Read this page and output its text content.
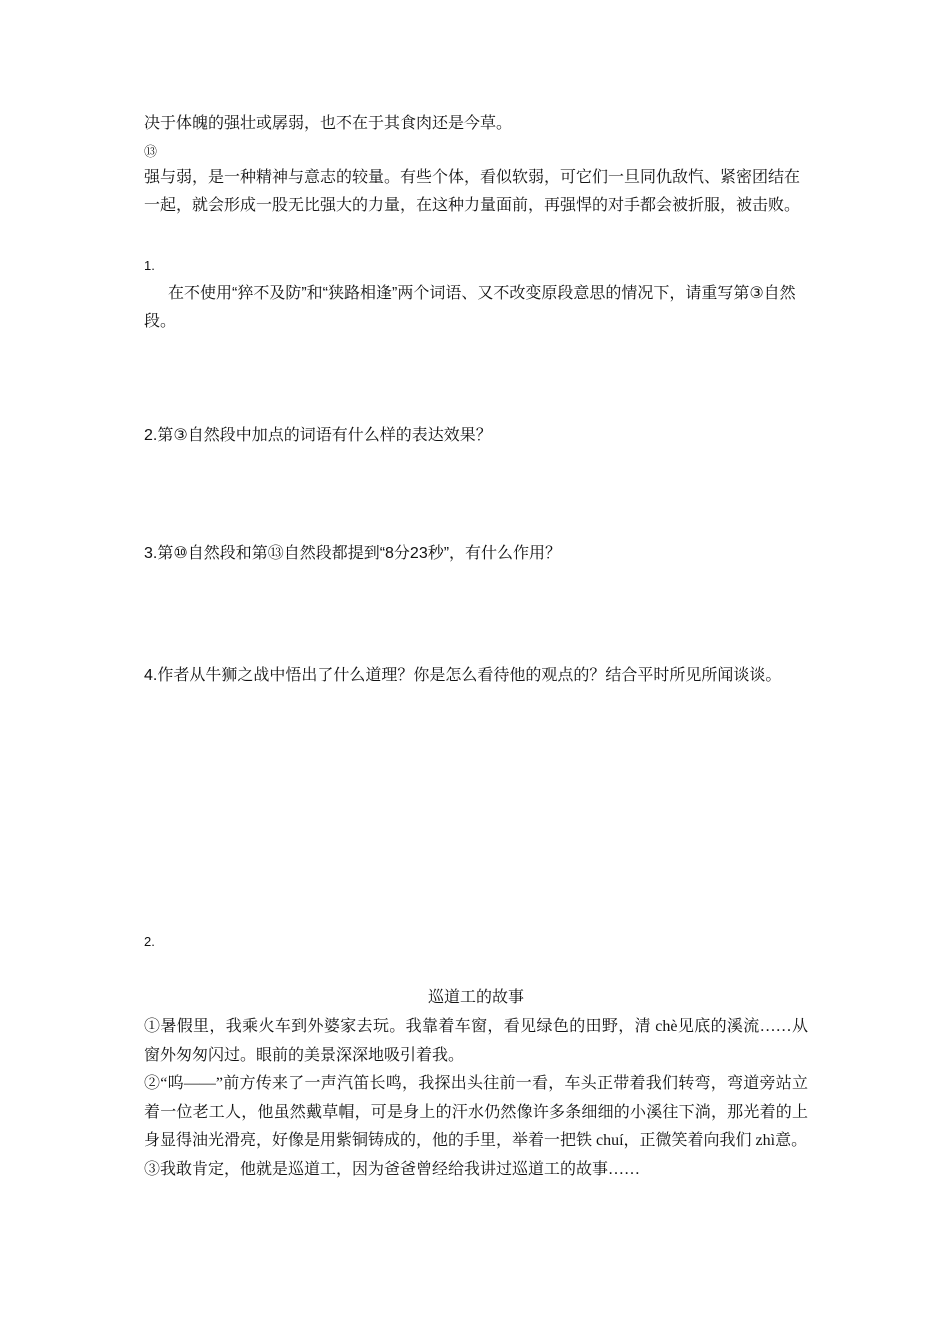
决于体魄的强壮或孱弱，也不在于其食肉还是今草。

⑬

强与弱，是一种精神与意志的较量。有些个体，看似软弱，可它们一旦同仇敌忾、紧密团结在一起，就会形成一股无比强大的力量，在这种力量面前，再强悍的对手都会被折服，被击败。

1.

在不使用“猝不及防”和“狭路相逢”两个词语、又不改变原段意思的情况下，请重写第③自然段。

2.第③自然段中加点的词语有什么样的表达效果？

3.第⑩自然段和第⑬自然段都提到“8分23秒”，有什么作用？

4.作者从牛狮之战中悟出了什么道理？你是怎么看待他的观点的？结合平时所见所闻谈谈。

2.

巡道工的故事

①暑假里，我乘火车到外婆家去玩。我靠着车窗，看见绿色的田野，清 chè见底的溪流……从窗外匆匆闪过。眼前的美景深深地吸引着我。

②“呜——”前方传来了一声汽笛长鸣，我探出头往前一看，车头正带着我们转弯，弯道旁站立着一位老工人，他虽然戴草帽，可是身上的汗水仍然像许多条细细的小溪往下淌，那光着的上身显得油光滑亮，好像是用紫铜铸成的，他的手里，举着一把铁 chuí，正微笑着向我们 zhì意。

③我敢肯定，他就是巡道工，因为爸爸曾经给我讲过巡道工的故事……
